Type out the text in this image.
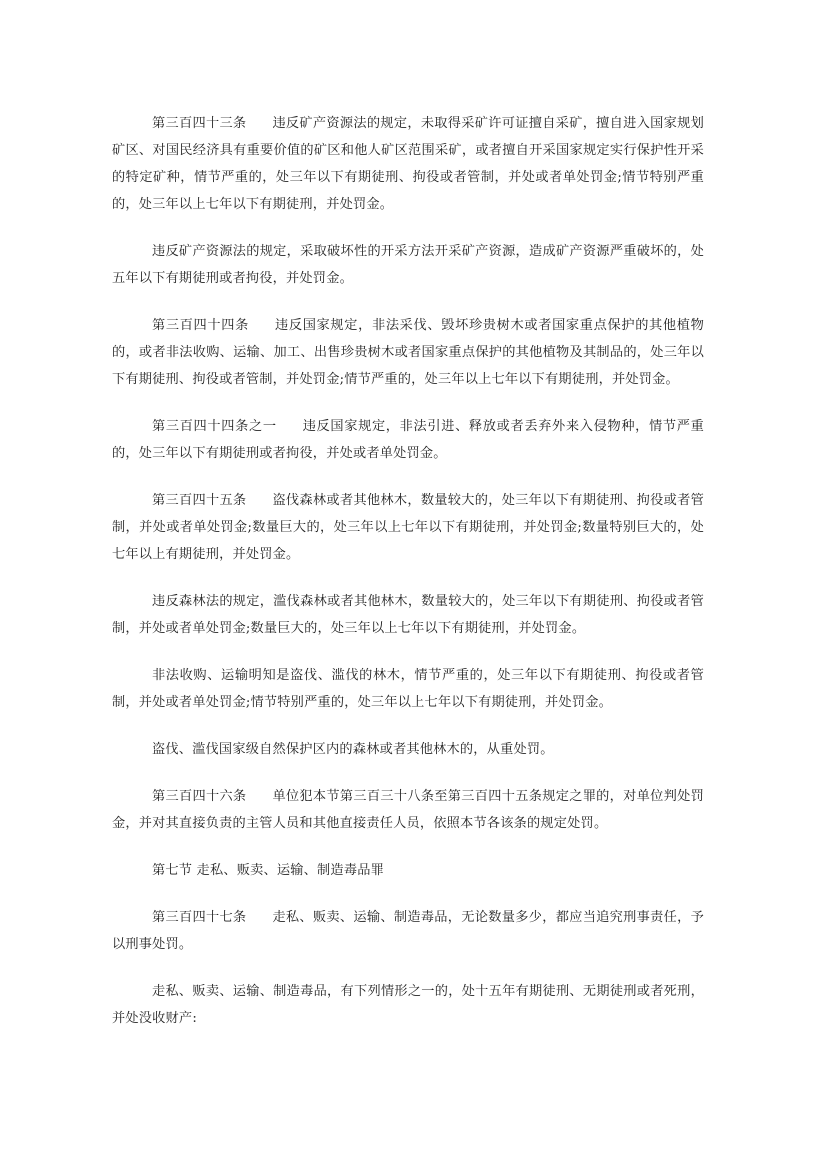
第三百四十三条 违反矿产资源法的规定，未取得采矿许可证擅自采矿，擅自进入国家规划矿区、对国民经济具有重要价值的矿区和他人矿区范围采矿，或者擅自开采国家规定实行保护性开采的特定矿种，情节严重的，处三年以下有期徒刑、拘役或者管制，并处或者单处罚金;情节特别严重的，处三年以上七年以下有期徒刑，并处罚金。

违反矿产资源法的规定，采取破坏性的开采方法开采矿产资源，造成矿产资源严重破坏的，处五年以下有期徒刑或者拘役，并处罚金。

第三百四十四条 违反国家规定，非法采伐、毁坏珍贵树木或者国家重点保护的其他植物的，或者非法收购、运输、加工、出售珍贵树木或者国家重点保护的其他植物及其制品的，处三年以下有期徒刑、拘役或者管制，并处罚金;情节严重的，处三年以上七年以下有期徒刑，并处罚金。

第三百四十四条之一 违反国家规定，非法引进、释放或者丢弃外来入侵物种，情节严重的，处三年以下有期徒刑或者拘役，并处或者单处罚金。

第三百四十五条 盗伐森林或者其他林木，数量较大的，处三年以下有期徒刑、拘役或者管制，并处或者单处罚金;数量巨大的，处三年以上七年以下有期徒刑，并处罚金;数量特别巨大的，处七年以上有期徒刑，并处罚金。

违反森林法的规定，滥伐森林或者其他林木，数量较大的，处三年以下有期徒刑、拘役或者管制，并处或者单处罚金;数量巨大的，处三年以上七年以下有期徒刑，并处罚金。

非法收购、运输明知是盗伐、滥伐的林木，情节严重的，处三年以下有期徒刑、拘役或者管制，并处或者单处罚金;情节特别严重的，处三年以上七年以下有期徒刑，并处罚金。

盗伐、滥伐国家级自然保护区内的森林或者其他林木的，从重处罚。

第三百四十六条 单位犯本节第三百三十八条至第三百四十五条规定之罪的，对单位判处罚金，并对其直接负责的主管人员和其他直接责任人员，依照本节各该条的规定处罚。

第七节 走私、贩卖、运输、制造毒品罪

第三百四十七条 走私、贩卖、运输、制造毒品，无论数量多少，都应当追究刑事责任，予以刑事处罚。

走私、贩卖、运输、制造毒品，有下列情形之一的，处十五年有期徒刑、无期徒刑或者死刑，并处没收财产:
